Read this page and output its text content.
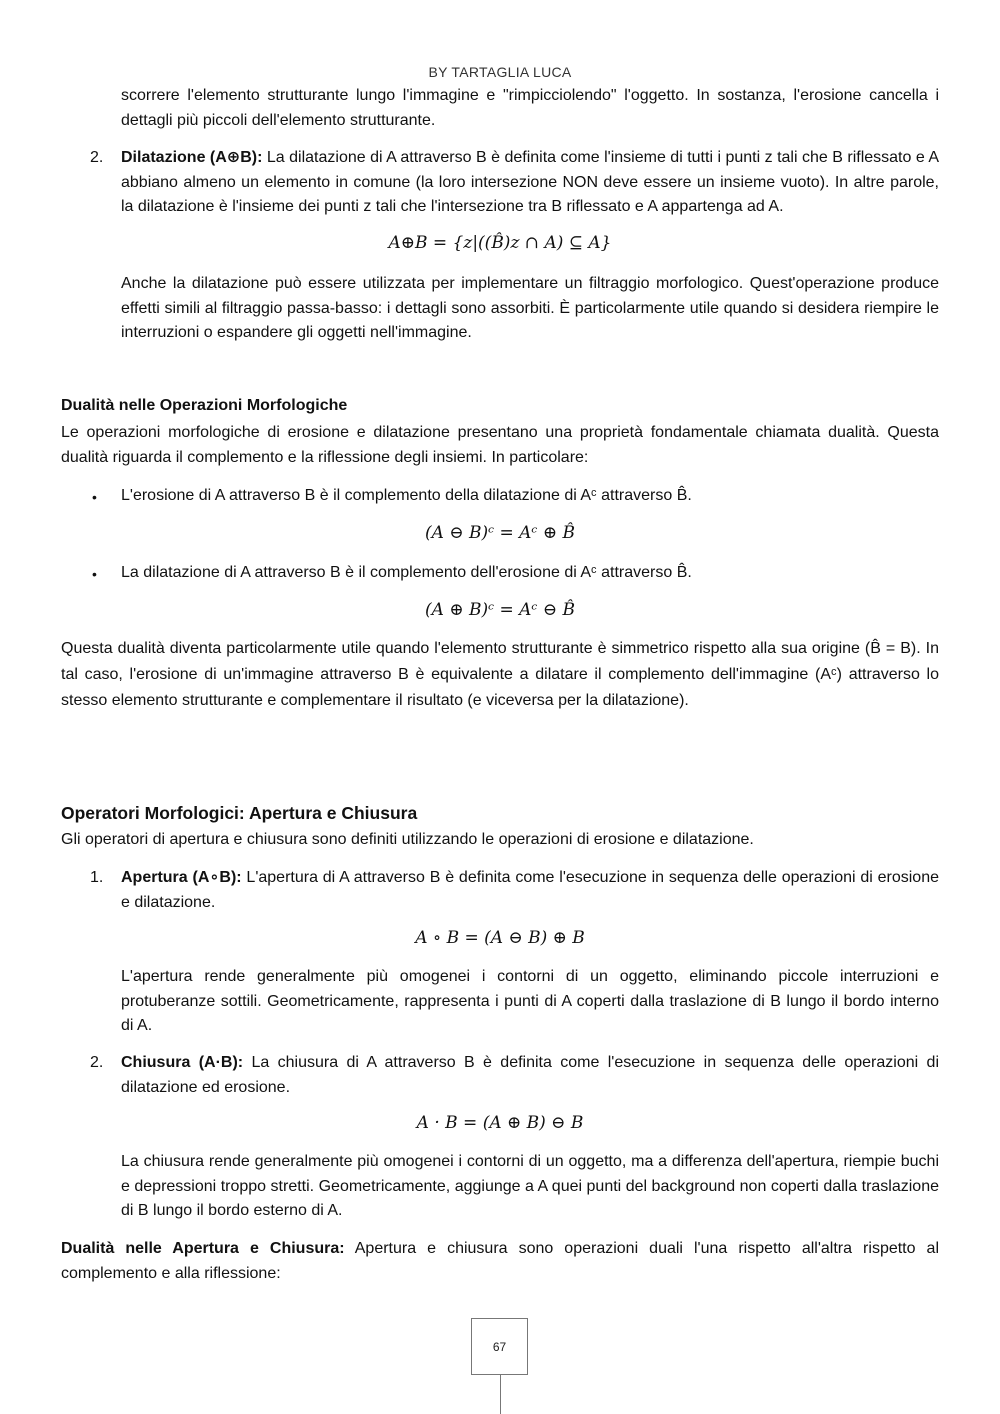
BY TARTAGLIA LUCA
scorrere l'elemento strutturante lungo l'immagine e "rimpicciolendo" l'oggetto. In sostanza, l'erosione cancella i dettagli più piccoli dell'elemento strutturante.
2. Dilatazione (A⊕B): La dilatazione di A attraverso B è definita come l'insieme di tutti i punti z tali che B riflessato e A abbiano almeno un elemento in comune (la loro intersezione NON deve essere un insieme vuoto). In altre parole, la dilatazione è l'insieme dei punti z tali che l'intersezione tra B riflessato e A appartenga ad A.
A⊕B = {z|((B̂)z ∩ A) ⊆ A}
Anche la dilatazione può essere utilizzata per implementare un filtraggio morfologico. Quest'operazione produce effetti simili al filtraggio passa-basso: i dettagli sono assorbiti. È particolarmente utile quando si desidera riempire le interruzioni o espandere gli oggetti nell'immagine.
Dualità nelle Operazioni Morfologiche
Le operazioni morfologiche di erosione e dilatazione presentano una proprietà fondamentale chiamata dualità. Questa dualità riguarda il complemento e la riflessione degli insiemi. In particolare:
• L'erosione di A attraverso B è il complemento della dilatazione di Aᶜ attraverso B̂.
(A ⊖ B)ᶜ = Aᶜ ⊕ B̂
• La dilatazione di A attraverso B è il complemento dell'erosione di Aᶜ attraverso B̂.
(A ⊕ B)ᶜ = Aᶜ ⊖ B̂
Questa dualità diventa particolarmente utile quando l'elemento strutturante è simmetrico rispetto alla sua origine (B̂ = B). In tal caso, l'erosione di un'immagine attraverso B è equivalente a dilatare il complemento dell'immagine (Aᶜ) attraverso lo stesso elemento strutturante e complementare il risultato (e viceversa per la dilatazione).
Operatori Morfologici: Apertura e Chiusura
Gli operatori di apertura e chiusura sono definiti utilizzando le operazioni di erosione e dilatazione.
1. Apertura (A∘B): L'apertura di A attraverso B è definita come l'esecuzione in sequenza delle operazioni di erosione e dilatazione.
A ∘ B = (A ⊖ B) ⊕ B
L'apertura rende generalmente più omogenei i contorni di un oggetto, eliminando piccole interruzioni e protuberanze sottili. Geometricamente, rappresenta i punti di A coperti dalla traslazione di B lungo il bordo interno di A.
2. Chiusura (A·B): La chiusura di A attraverso B è definita come l'esecuzione in sequenza delle operazioni di dilatazione ed erosione.
A · B = (A ⊕ B) ⊖ B
La chiusura rende generalmente più omogenei i contorni di un oggetto, ma a differenza dell'apertura, riempie buchi e depressioni troppo stretti. Geometricamente, aggiunge a A quei punti del background non coperti dalla traslazione di B lungo il bordo esterno di A.
Dualità nelle Apertura e Chiusura: Apertura e chiusura sono operazioni duali l'una rispetto all'altra rispetto al complemento e alla riflessione:
67
